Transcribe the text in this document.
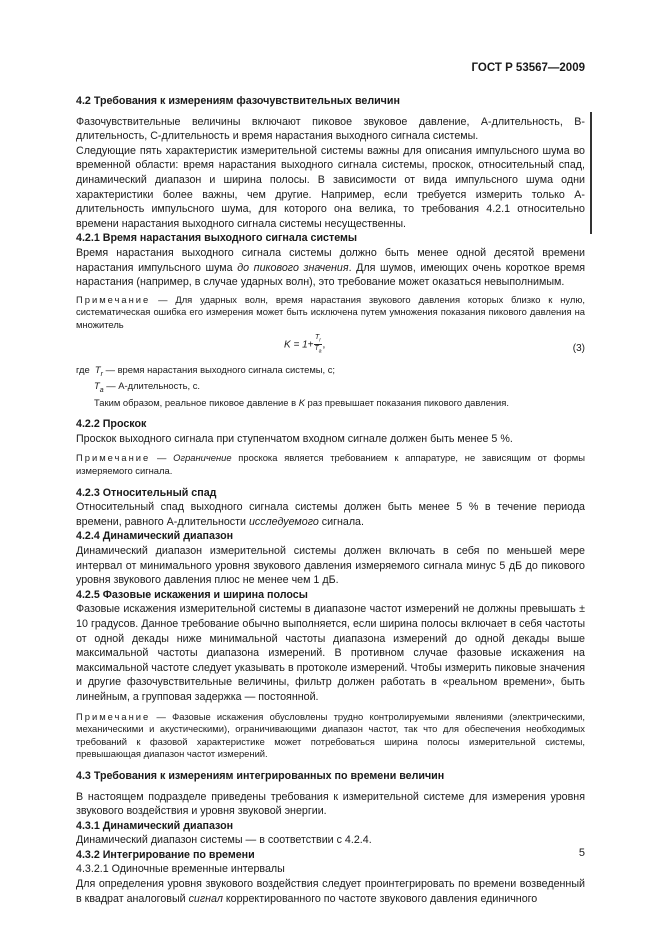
ГОСТ Р 53567—2009
4.2 Требования к измерениям фазочувствительных величин

Фазочувствительные величины включают пиковое звуковое давление, А-длительность, В-длительность, С-длительность и время нарастания выходного сигнала системы.

Следующие пять характеристик измерительной системы важны для описания импульсного шума во временной области: время нарастания выходного сигнала системы, проскок, относительный спад, динамический диапазон и ширина полосы. В зависимости от вида импульсного шума одни характеристики более важны, чем другие. Например, если требуется измерить только А-длительность импульсного шума, для которого она велика, то требования 4.2.1 относительно времени нарастания выходного сигнала системы несущественны.

4.2.1 Время нарастания выходного сигнала системы

Время нарастания выходного сигнала системы должно быть менее одной десятой времени нарастания импульсного шума до пикового значения. Для шумов, имеющих очень короткое время нарастания (например, в случае ударных волн), это требование может оказаться невыполнимым.

Примечание — Для ударных волн, время нарастания звукового давления которых близко к нулю, систематическая ошибка его измерения может быть исключена путем умножения показания пикового давления на множитель

$K = 1+ \frac{T_r}{T_a}$ ,	(3)
где $T_r$ — время нарастания выходного сигнала системы, с;
$T_a$ — А-длительность, с.
Таким образом, реальное пиковое давление в K раз превышает показания пикового давления.
4.2.2 Проскок

Проскок выходного сигнала при ступенчатом входном сигнале должен быть менее 5 %.

Примечание — Ограничение проскока является требованием к аппаратуре, не зависящим от формы измеряемого сигнала.

4.2.3 Относительный спад

Относительный спад выходного сигнала системы должен быть менее 5 % в течение периода времени, равного А-длительности исследуемого сигнала.

4.2.4 Динамический диапазон

Динамический диапазон измерительной системы должен включать в себя по меньшей мере интервал от минимального уровня звукового давления измеряемого сигнала минус 5 дБ до пикового уровня звукового давления плюс не менее чем 1 дБ.

4.2.5 Фазовые искажения и ширина полосы

Фазовые искажения измерительной системы в диапазоне частот измерений не должны превышать ± 10 градусов. Данное требование обычно выполняется, если ширина полосы включает в себя частоты от одной декады ниже минимальной частоты диапазона измерений до одной декады выше максимальной частоты диапазона измерений. В противном случае фазовые искажения на максимальной частоте следует указывать в протоколе измерений. Чтобы измерить пиковые значения и другие фазочувствительные величины, фильтр должен работать в «реальном времени», быть линейным, а групповая задержка — постоянной.

Примечание — Фазовые искажения обусловлены трудно контролируемыми явлениями (электрическими, механическими и акустическими), ограничивающими диапазон частот, так что для обеспечения необходимых требований к фазовой характеристике может потребоваться ширина полосы измерительной системы, превышающая диапазон частот измерений.

4.3 Требования к измерениям интегрированных по времени величин

В настоящем подразделе приведены требования к измерительной системе для измерения уровня звукового воздействия и уровня звуковой энергии.

4.3.1 Динамический диапазон

Динамический диапазон системы — в соответствии с 4.2.4.

4.3.2 Интегрирование по времени

4.3.2.1 Одиночные временные интервалы

Для определения уровня звукового воздействия следует проинтегрировать по времени возведенный в квадрат аналоговый сигнал корректированного по частоте звукового давления единичного

5
